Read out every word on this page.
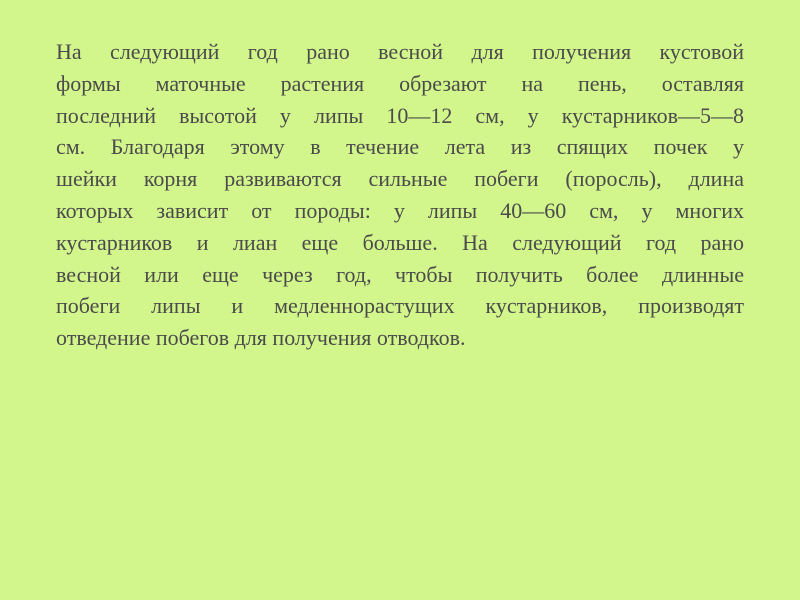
На следующий год рано весной для получения кустовой
формы маточные растения обрезают на пень, оставляя
последний высотой у липы 10—12 см, у кустарников—5—8
см. Благодаря этому в течение лета из спящих почек у
шейки корня развиваются сильные побеги (поросль), длина
которых зависит от породы: у липы 40—60 см, у многих
кустарников и лиан еще больше. На следующий год рано
весной или еще через год, чтобы получить более длинные
побеги липы и медленнорастущих кустарников, производят
отведение побегов для получения отводков.
